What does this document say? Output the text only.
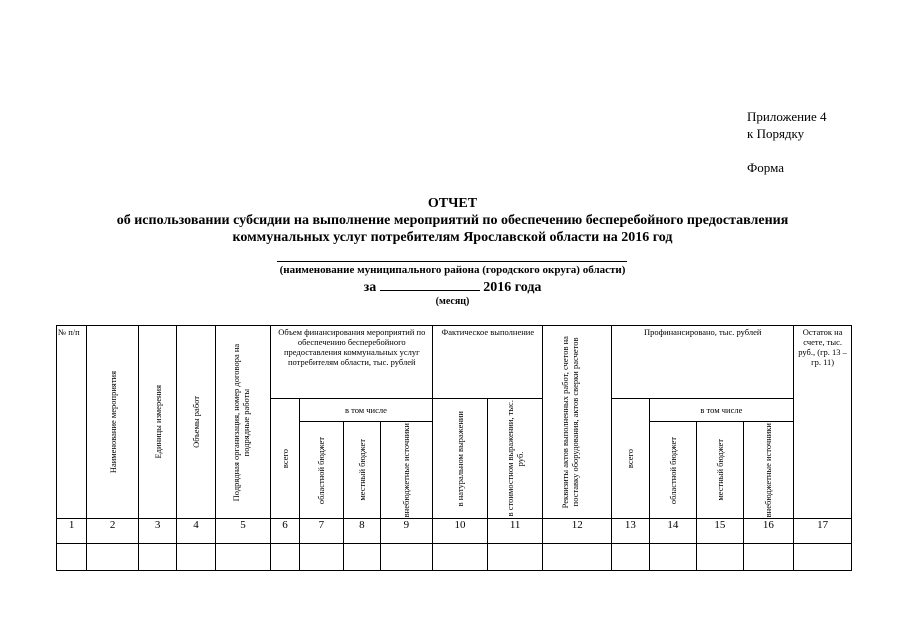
Приложение 4
к Порядку
Форма
ОТЧЕТ
об использовании субсидии на выполнение мероприятий по обеспечению бесперебойного предоставления
коммунальных услуг потребителям Ярославской области на 2016 год
(наименование муниципального района (городского округа) области)
за	2016 года
(месяц)
№ п/п	Наименование мероприятия	Единицы измерения	Объемы работ	Подрядная организация, номер договора на подрядные работы	Объем финансирования мероприятий по обеспечению бесперебойного предоставления коммунальных услуг потребителям области, тыс. рублей				Фактическое выполнение		Реквизиты актов выполненных работ, счетов на поставку оборудования, актов сверки расчетов	Профинансировано, тыс. рублей				Остаток на счете, тыс. руб., (гр. 13 – гр. 11)

					всего	в том числе			в натуральном выражении	в стоимостном выражении, тыс. руб.		всего	в том числе			

						областной бюджет	местный бюджет	внебюджетные источники					областной бюджет	местный бюджет	внебюджетные источники	

1	2	3	4	5	6	7	8	9	10	11	12	13	14	15	16	17
